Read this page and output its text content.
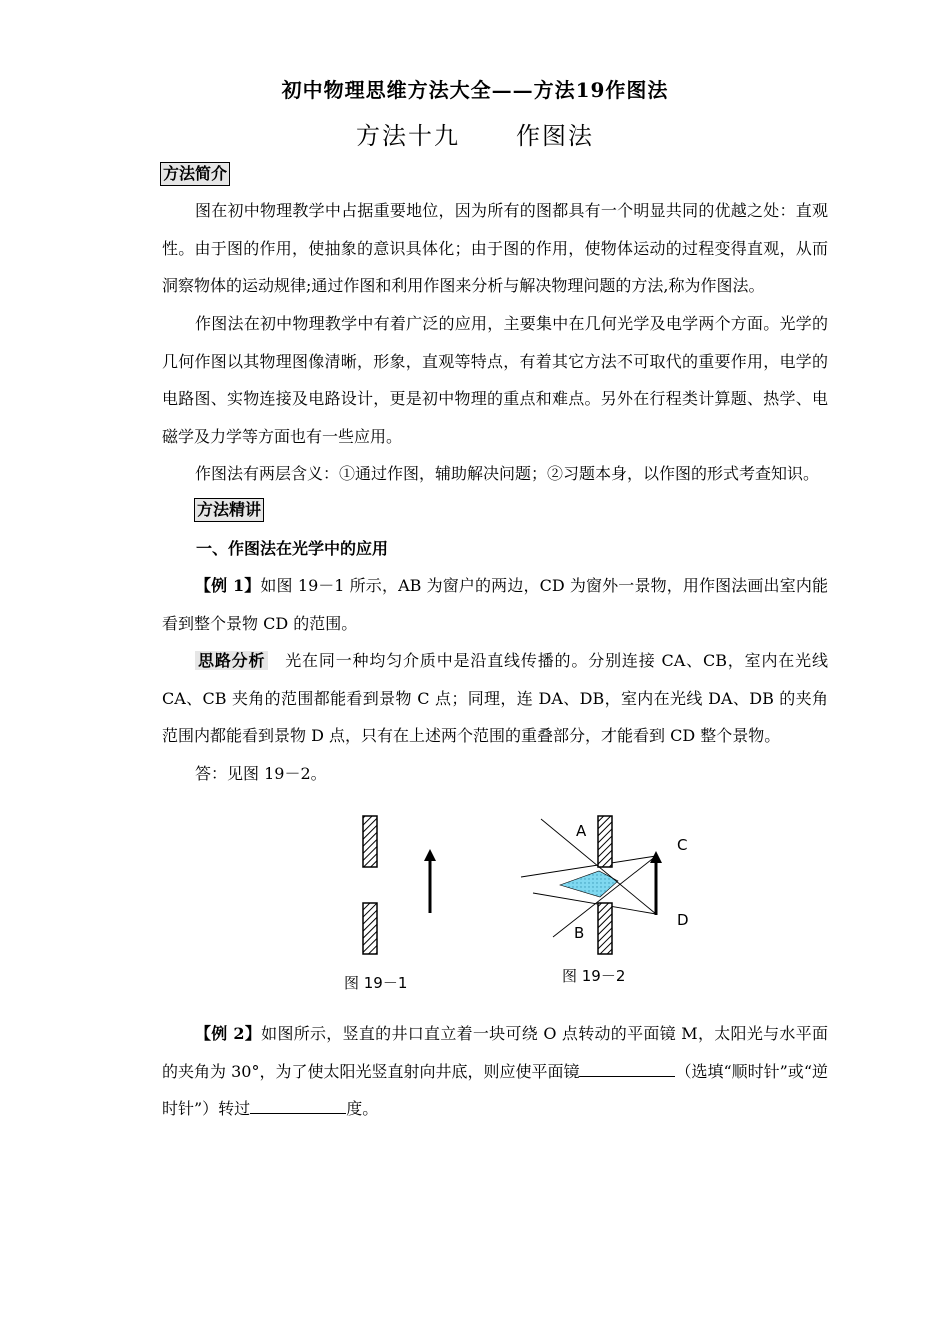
初中物理思维方法大全——方法19作图法
方法十九 作图法
方法简介
图在初中物理教学中占据重要地位，因为所有的图都具有一个明显共同的优越之处：直观性。由于图的作用，使抽象的意识具体化；由于图的作用，使物体运动的过程变得直观，从而洞察物体的运动规律;通过作图和利用作图来分析与解决物理问题的方法,称为作图法。
作图法在初中物理教学中有着广泛的应用，主要集中在几何光学及电学两个方面。光学的几何作图以其物理图像清晰，形象，直观等特点，有着其它方法不可取代的重要作用，电学的电路图、实物连接及电路设计，更是初中物理的重点和难点。另外在行程类计算题、热学、电磁学及力学等方面也有一些应用。
作图法有两层含义：①通过作图，辅助解决问题；②习题本身，以作图的形式考查知识。
方法精讲
一、作图法在光学中的应用
【例 1】如图 19－1 所示，AB 为窗户的两边，CD 为窗外一景物，用作图法画出室内能看到整个景物 CD 的范围。
思路分析　 光在同一种均匀介质中是沿直线传播的。分别连接 CA、CB，室内在光线 CA、CB 夹角的范围都能看到景物 C 点；同理，连 DA、DB，室内在光线 DA、DB 的夹角范围内都能看到景物 D 点，只有在上述两个范围的重叠部分，才能看到 CD 整个景物。
答：见图 19－2。
图 19－1
A
B
C
D
图 19－2
【例 2】如图所示，竖直的井口直立着一块可绕 O 点转动的平面镜 M，太阳光与水平面的夹角为 30°，为了使太阳光竖直射向井底，则应使平面镜	（选填“顺时针”或“逆时针”）转过	度。
